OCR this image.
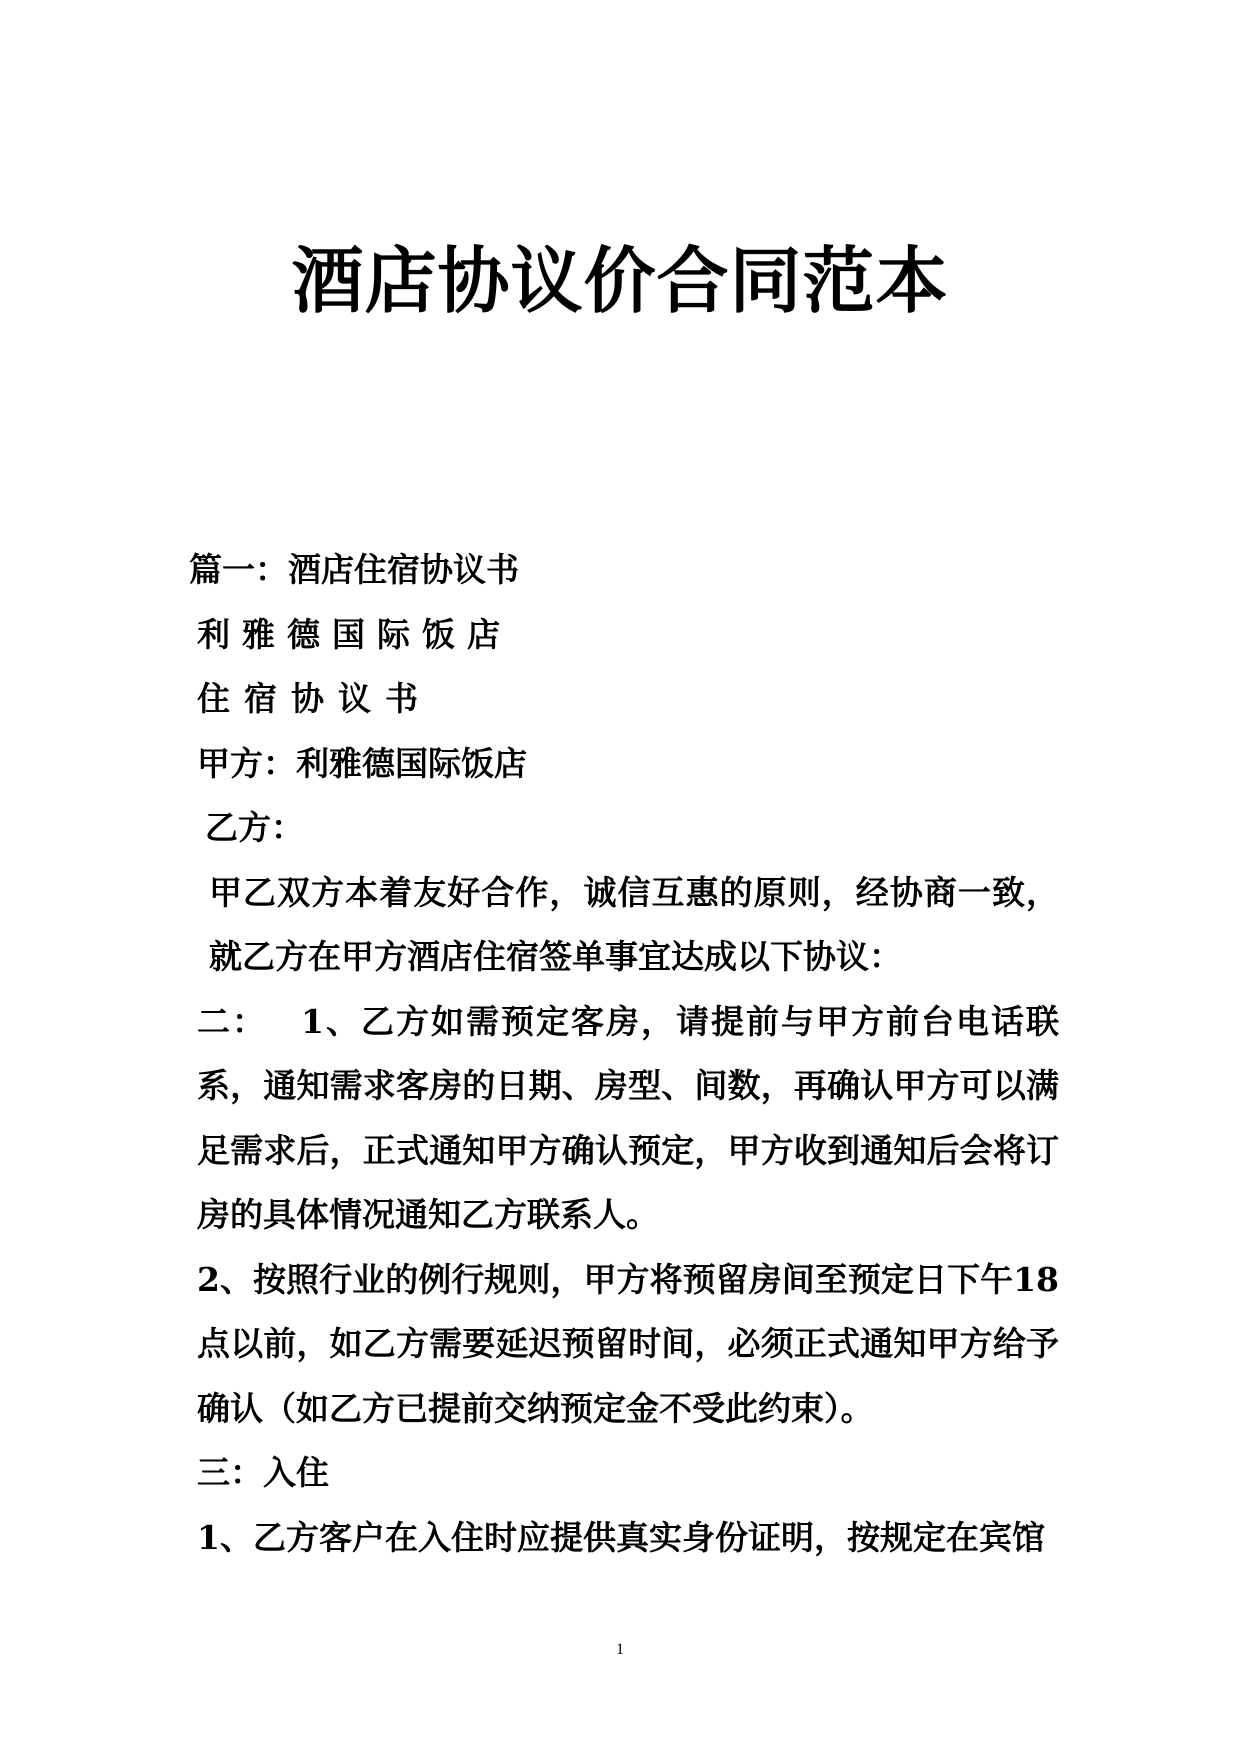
酒店协议价合同范本

篇一：酒店住宿协议书

利雅德国际饭店

住宿协议书

甲方：利雅德国际饭店

乙方：

甲乙双方本着友好合作，诚信互惠的原则，经协商一致，就乙方在甲方酒店住宿签单事宜达成以下协议：

二： 1、乙方如需预定客房，请提前与甲方前台电话联系，通知需求客房的日期、房型、间数，再确认甲方可以满足需求后，正式通知甲方确认预定，甲方收到通知后会将订房的具体情况通知乙方联系人。

2、按照行业的例行规则，甲方将预留房间至预定日下午18点以前，如乙方需要延迟预留时间，必须正式通知甲方给予确认（如乙方已提前交纳预定金不受此约束）。

三：入住

1、乙方客户在入住时应提供真实身份证明，按规定在宾馆

1
